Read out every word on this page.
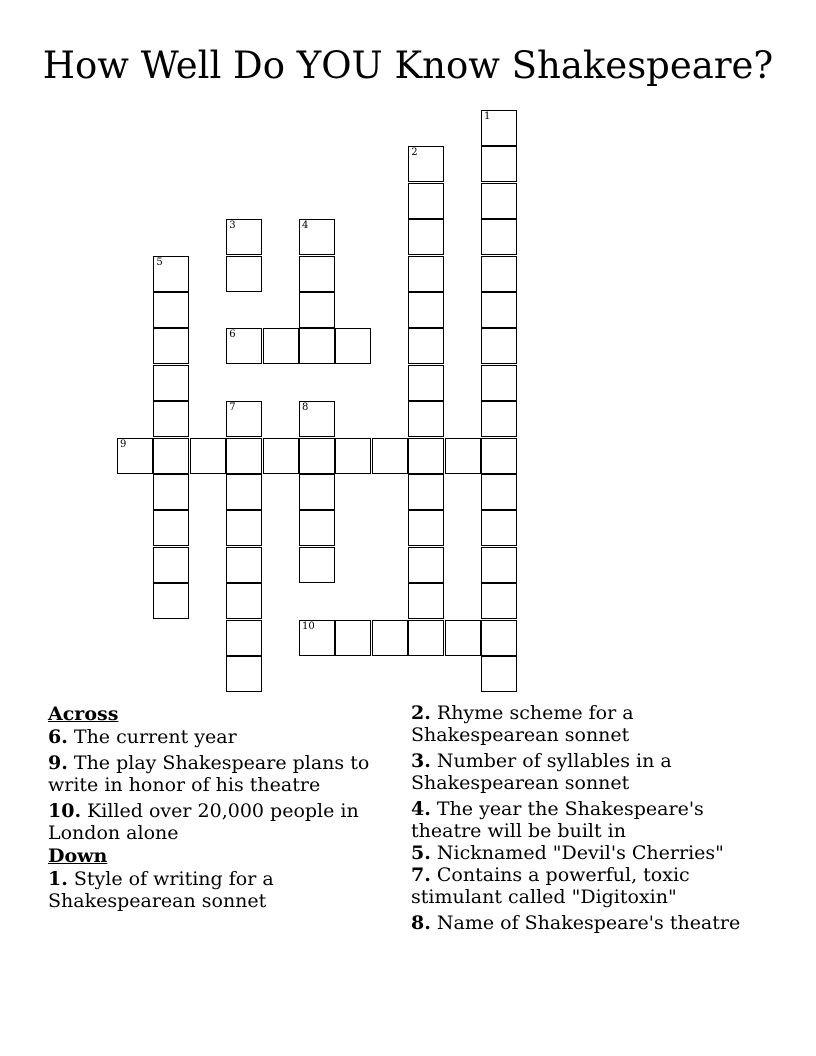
How Well Do YOU Know Shakespeare?
1
2
3	4
5
6
7	8
9
10

Across

6. The current year

9. The play Shakespeare plans to write in honor of his theatre

10. Killed over 20,000 people in London alone

Down

1. Style of writing for a Shakespearean sonnet

2. Rhyme scheme for a Shakespearean sonnet

3. Number of syllables in a Shakespearean sonnet

4. The year the Shakespeare's theatre will be built in

5. Nicknamed "Devil's Cherries"

7. Contains a powerful, toxic stimulant called "Digitoxin"

8. Name of Shakespeare's theatre
